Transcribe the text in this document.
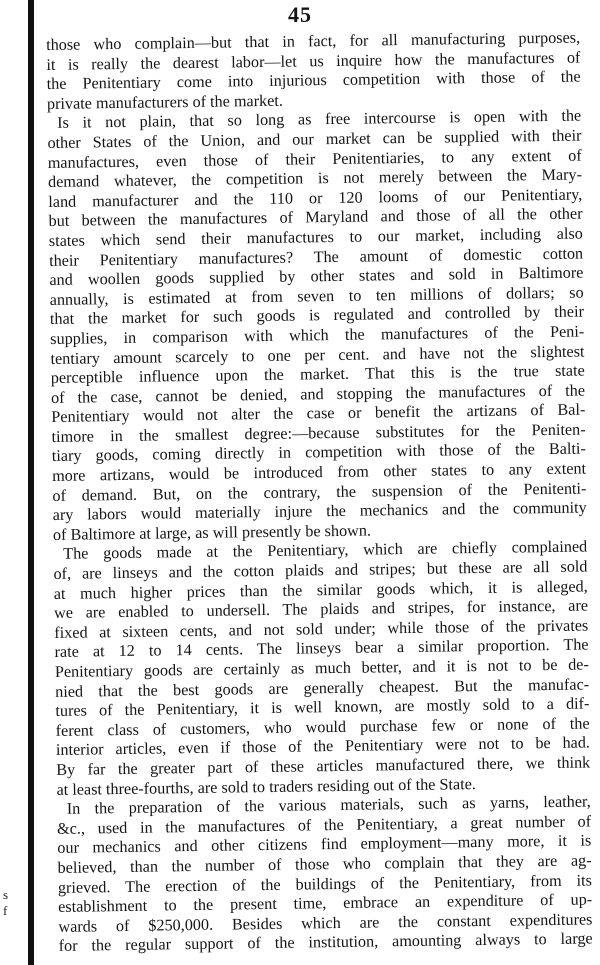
s
f
45
those who complain—but that in fact, for all manufacturing purposes,
it is really the dearest labor—let us inquire how the manufactures of
the Penitentiary come into injurious competition with those of the
private manufacturers of the market.
Is it not plain, that so long as free intercourse is open with the
other States of the Union, and our market can be supplied with their
manufactures, even those of their Penitentiaries, to any extent of
demand whatever, the competition is not merely between the Mary-
land manufacturer and the 110 or 120 looms of our Penitentiary,
but between the manufactures of Maryland and those of all the other
states which send their manufactures to our market, including also
their Penitentiary manufactures? The amount of domestic cotton
and woollen goods supplied by other states and sold in Baltimore
annually, is estimated at from seven to ten millions of dollars; so
that the market for such goods is regulated and controlled by their
supplies, in comparison with which the manufactures of the Peni-
tentiary amount scarcely to one per cent. and have not the slightest
perceptible influence upon the market. That this is the true state
of the case, cannot be denied, and stopping the manufactures of the
Penitentiary would not alter the case or benefit the artizans of Bal-
timore in the smallest degree:—because substitutes for the Peniten-
tiary goods, coming directly in competition with those of the Balti-
more artizans, would be introduced from other states to any extent
of demand. But, on the contrary, the suspension of the Penitenti-
ary labors would materially injure the mechanics and the community
of Baltimore at large, as will presently be shown.
The goods made at the Penitentiary, which are chiefly complained
of, are linseys and the cotton plaids and stripes; but these are all sold
at much higher prices than the similar goods which, it is alleged,
we are enabled to undersell. The plaids and stripes, for instance, are
fixed at sixteen cents, and not sold under; while those of the privates
rate at 12 to 14 cents. The linseys bear a similar proportion. The
Penitentiary goods are certainly as much better, and it is not to be de-
nied that the best goods are generally cheapest. But the manufac-
tures of the Penitentiary, it is well known, are mostly sold to a dif-
ferent class of customers, who would purchase few or none of the
interior articles, even if those of the Penitentiary were not to be had.
By far the greater part of these articles manufactured there, we think
at least three-fourths, are sold to traders residing out of the State.
In the preparation of the various materials, such as yarns, leather,
&c., used in the manufactures of the Penitentiary, a great number of
our mechanics and other citizens find employment—many more, it is
believed, than the number of those who complain that they are ag-
grieved. The erection of the buildings of the Penitentiary, from its
establishment to the present time, embrace an expenditure of up-
wards of $250,000. Besides which are the constant expenditures
for the regular support of the institution, amounting always to large
